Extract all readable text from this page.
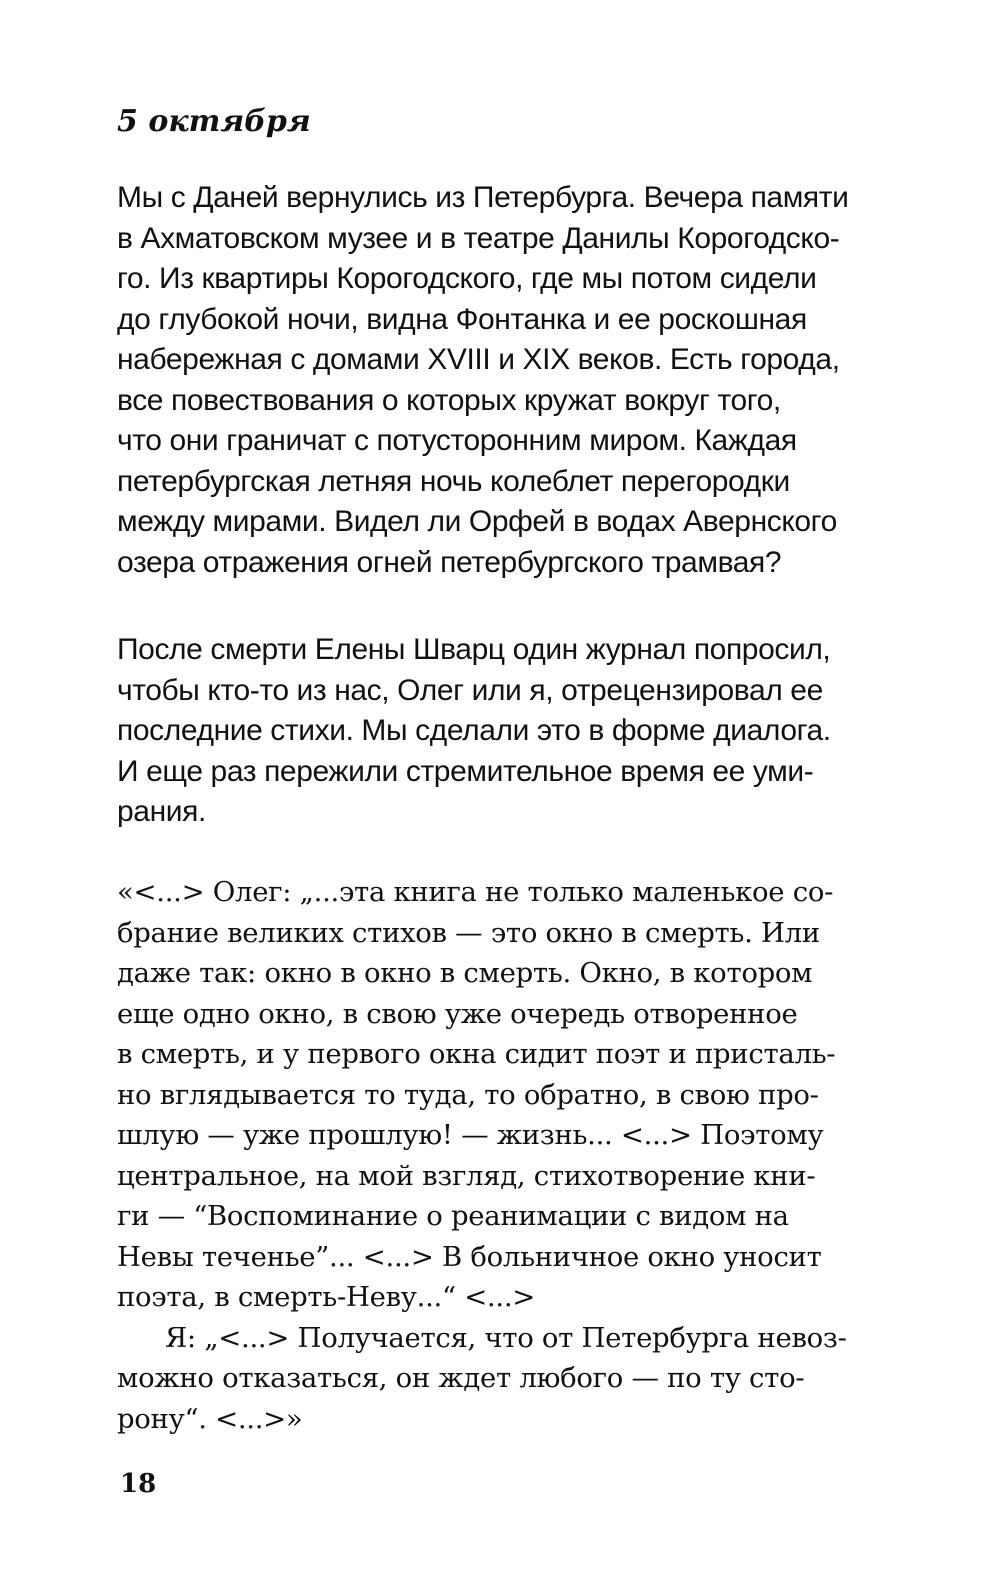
5 октября

Мы с Даней вернулись из Петербурга. Вечера памяти
в Ахматовском музее и в театре Данилы Корогодско-
го. Из квартиры Корогодского, где мы потом сидели
до глубокой ночи, видна Фонтанка и ее роскошная
набережная с домами XVIII и XIX веков. Есть города,
все повествования о которых кружат вокруг того,
что они граничат с потусторонним миром. Каждая
петербургская летняя ночь колеблет перегородки
между мирами. Видел ли Орфей в водах Авернского
озера отражения огней петербургского трамвая?

После смерти Елены Шварц один журнал попросил,
чтобы кто-то из нас, Олег или я, отрецензировал ее
последние стихи. Мы сделали это в форме диалога.
И еще раз пережили стремительное время ее уми-
рания.

«<...> Олег: „...эта книга не только маленькое со-
брание великих стихов — это окно в смерть. Или
даже так: окно в окно в смерть. Окно, в котором
еще одно окно, в свою уже очередь отворенное
в смерть, и у первого окна сидит поэт и присталь-
но вглядывается то туда, то обратно, в свою про-
шлую — уже прошлую! — жизнь... <...> Поэтому
центральное, на мой взгляд, стихотворение кни-
ги — “Воспоминание о реанимации с видом на
Невы теченье”... <...> В больничное окно уносит
поэта, в смерть-Неву...“ <...>
Я: „<...> Получается, что от Петербурга невоз-
можно отказаться, он ждет любого — по ту сто-
рону“. <...>»

18
